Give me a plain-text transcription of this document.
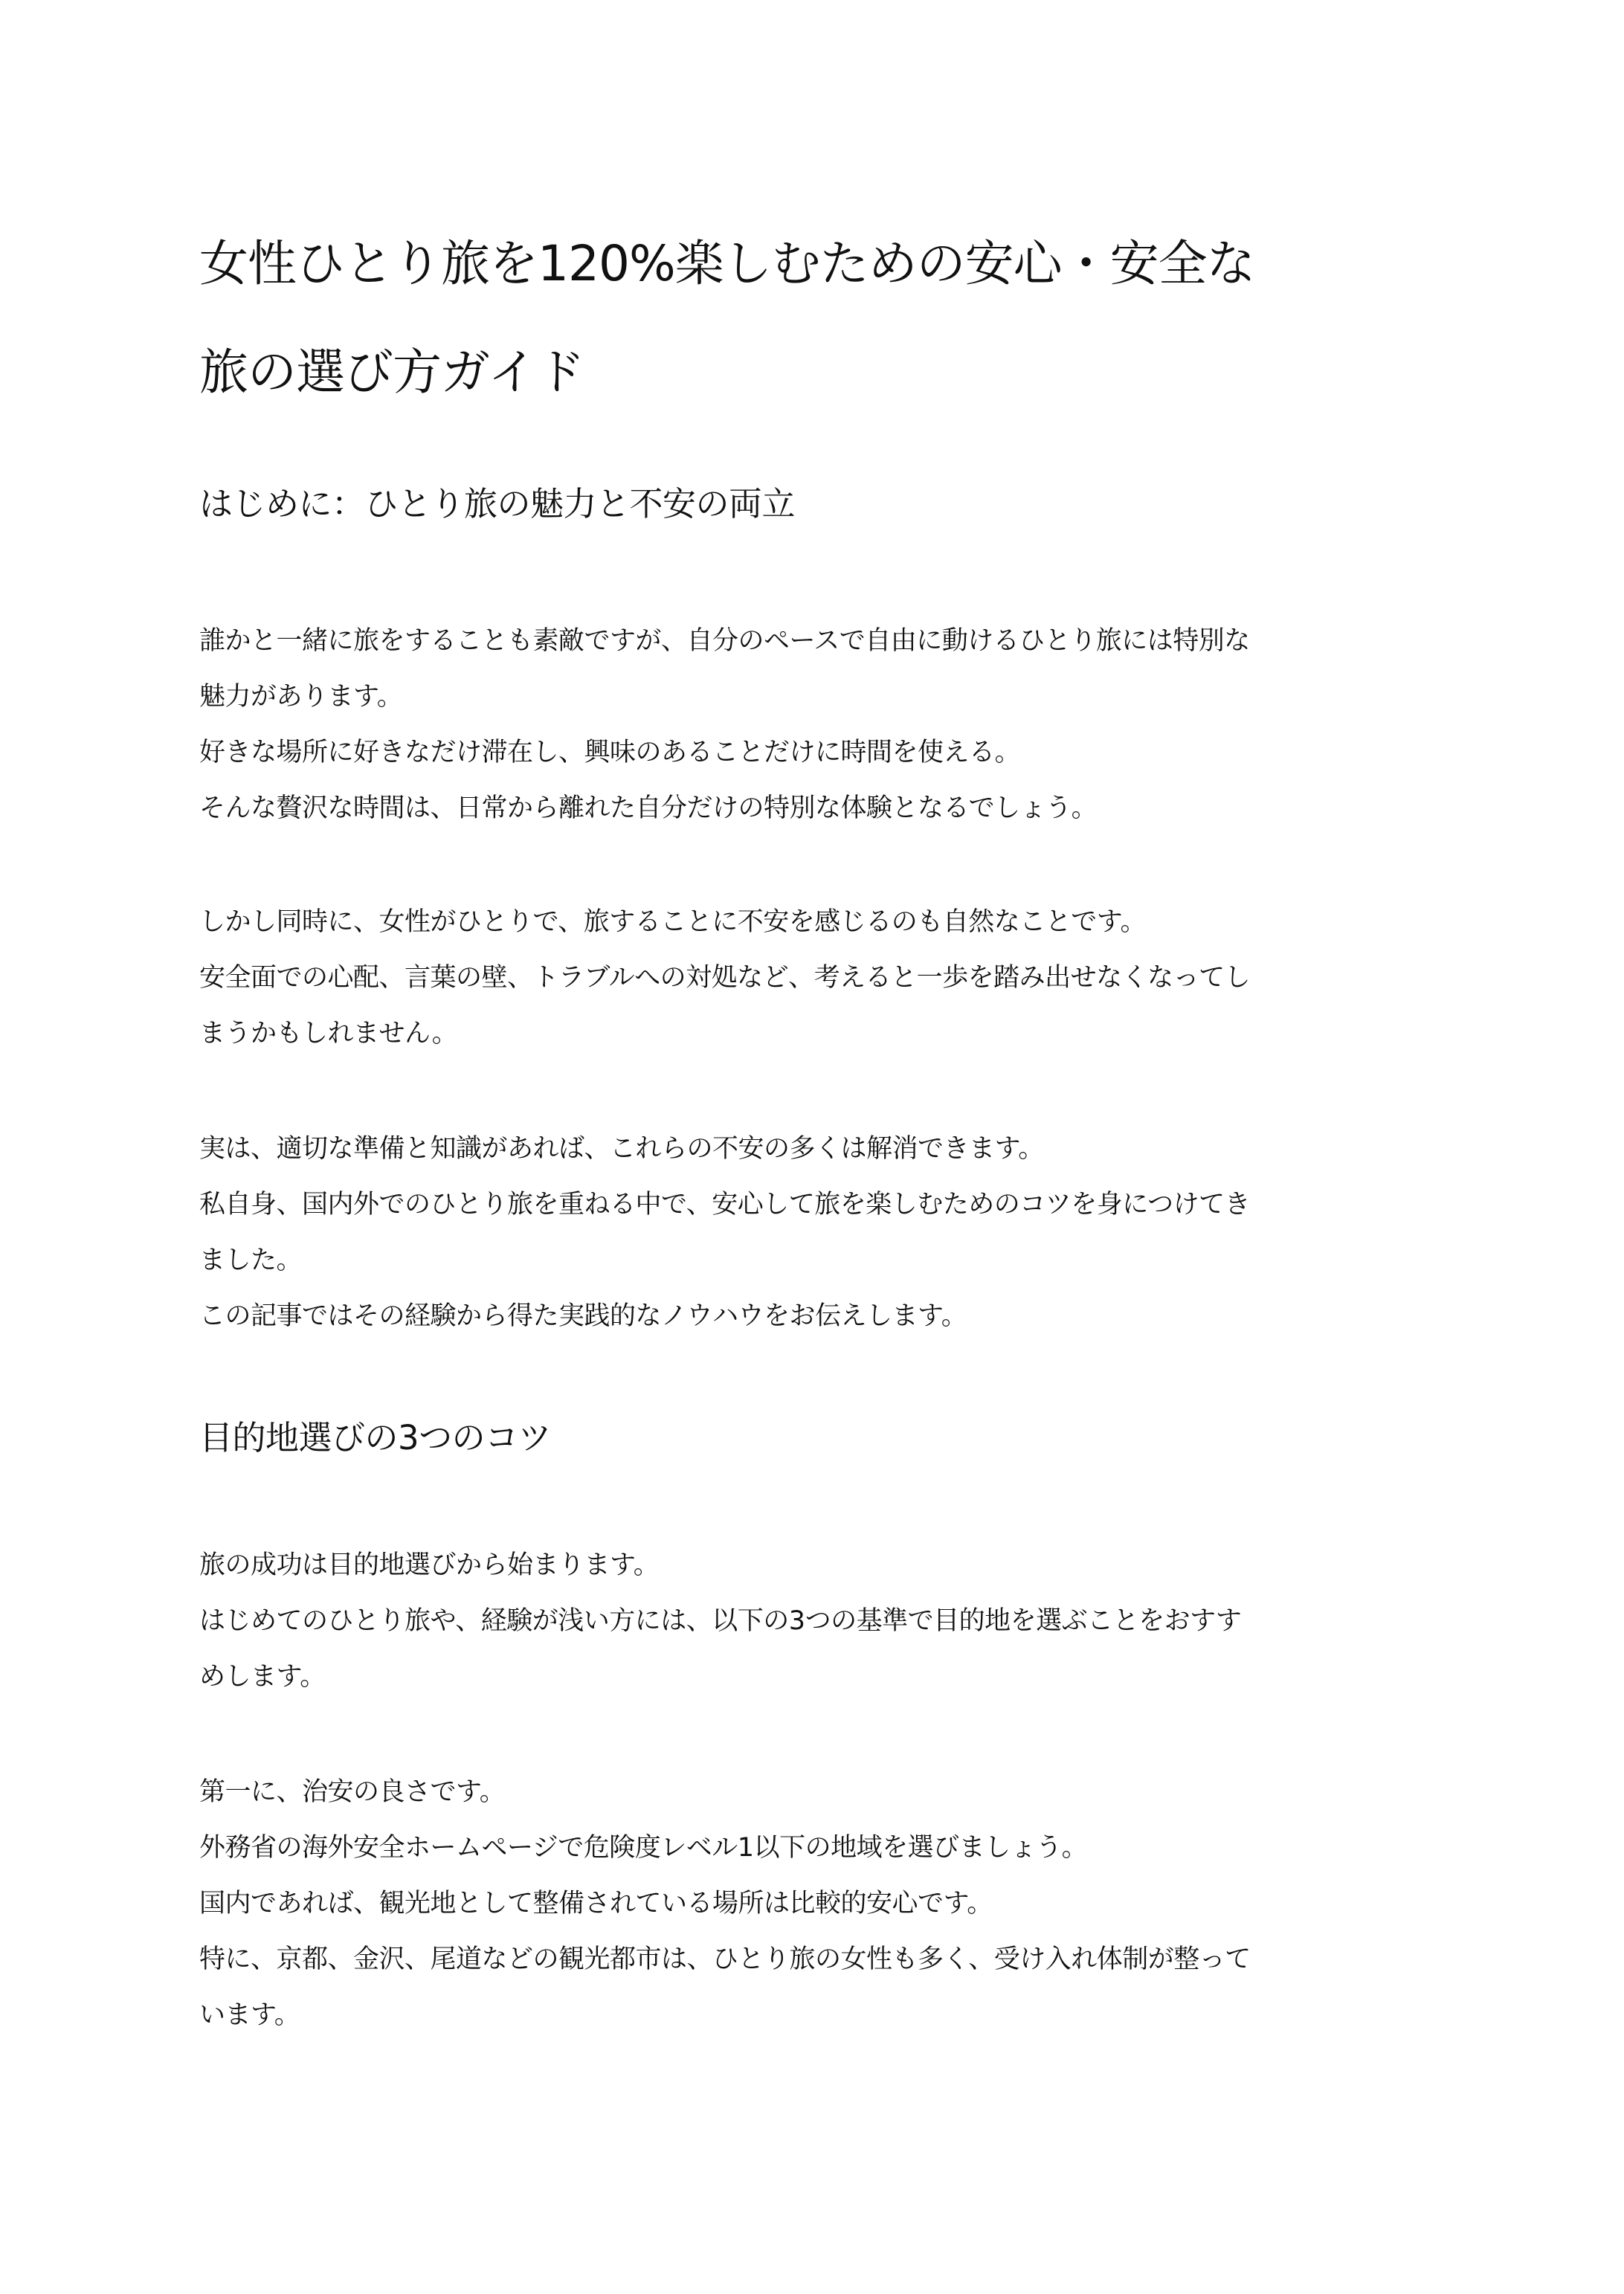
女性ひとり旅を120%楽しむための安心・安全な
旅の選び方ガイド
はじめに：ひとり旅の魅力と不安の両立
誰かと一緒に旅をすることも素敵ですが、自分のペースで自由に動けるひとり旅には特別な
魅力があります。
好きな場所に好きなだけ滞在し、興味のあることだけに時間を使える。
そんな贅沢な時間は、日常から離れた自分だけの特別な体験となるでしょう。
しかし同時に、女性がひとりで、旅することに不安を感じるのも自然なことです。
安全面での心配、言葉の壁、トラブルへの対処など、考えると一歩を踏み出せなくなってし
まうかもしれません。
実は、適切な準備と知識があれば、これらの不安の多くは解消できます。
私自身、国内外でのひとり旅を重ねる中で、安心して旅を楽しむためのコツを身につけてき
ました。
この記事ではその経験から得た実践的なノウハウをお伝えします。
目的地選びの3つのコツ
旅の成功は目的地選びから始まります。
はじめてのひとり旅や、経験が浅い方には、以下の3つの基準で目的地を選ぶことをおすす
めします。
第一に、治安の良さです。
外務省の海外安全ホームページで危険度レベル1以下の地域を選びましょう。
国内であれば、観光地として整備されている場所は比較的安心です。
特に、京都、金沢、尾道などの観光都市は、ひとり旅の女性も多く、受け入れ体制が整って
います。
